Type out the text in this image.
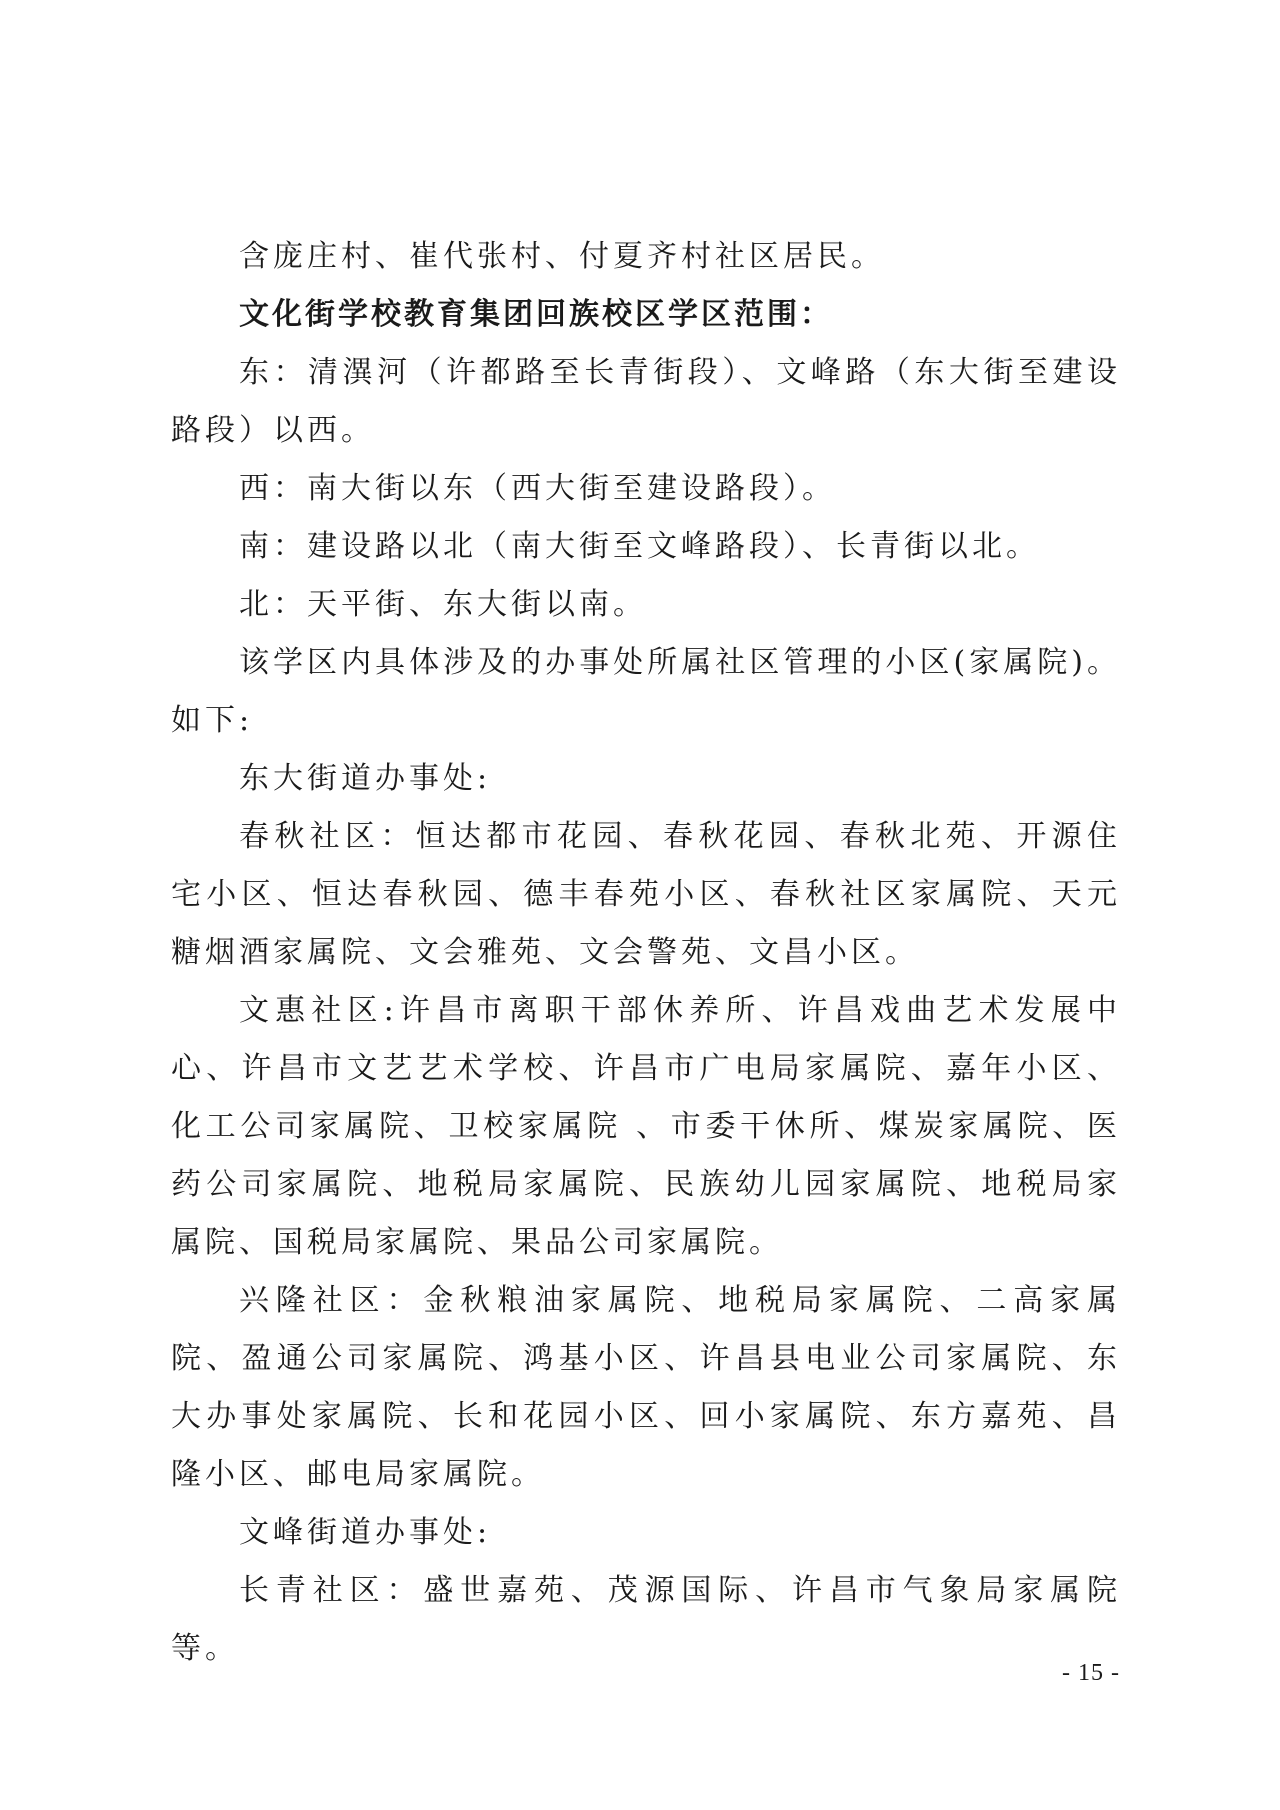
含庞庄村、崔代张村、付夏齐村社区居民。

文化街学校教育集团回族校区学区范围：

东：清潩河（许都路至长青街段）、文峰路（东大街至建设路段）以西。

西：南大街以东（西大街至建设路段）。

南：建设路以北（南大街至文峰路段）、长青街以北。

北：天平街、东大街以南。

该学区内具体涉及的办事处所属社区管理的小区(家属院)。如下:

东大街道办事处:

春秋社区：恒达都市花园、春秋花园、春秋北苑、开源住宅小区、恒达春秋园、德丰春苑小区、春秋社区家属院、天元糖烟酒家属院、文会雅苑、文会警苑、文昌小区。

文惠社区:许昌市离职干部休养所、许昌戏曲艺术发展中心、许昌市文艺艺术学校、许昌市广电局家属院、嘉年小区、化工公司家属院、卫校家属院 、市委干休所、煤炭家属院、医药公司家属院、地税局家属院、民族幼儿园家属院、地税局家属院、国税局家属院、果品公司家属院。

兴隆社区：金秋粮油家属院、地税局家属院、二高家属院、盈通公司家属院、鸿基小区、许昌县电业公司家属院、东大办事处家属院、长和花园小区、回小家属院、东方嘉苑、昌隆小区、邮电局家属院。

文峰街道办事处:

长青社区：盛世嘉苑、茂源国际、许昌市气象局家属院等。

- 15 -
